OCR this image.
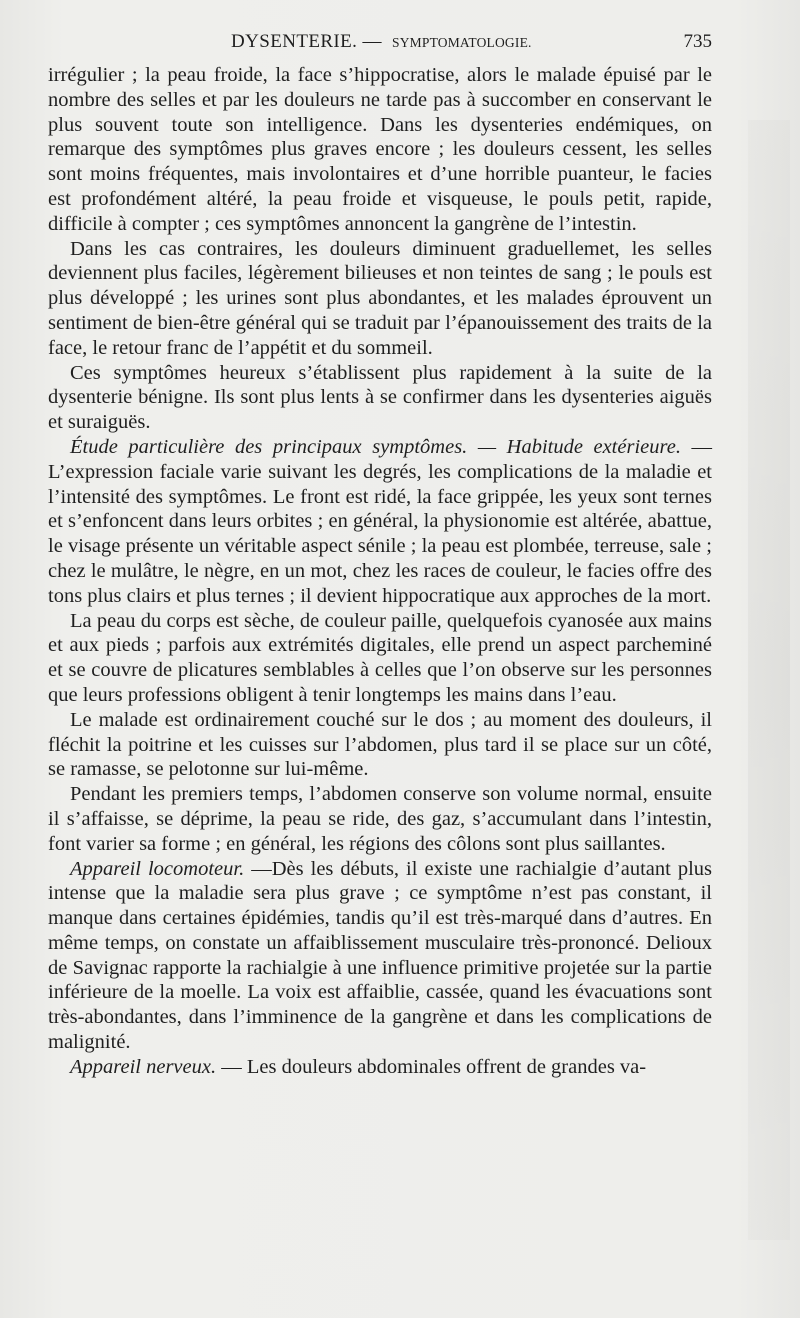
DYSENTERIE. — SYMPTOMATOLOGIE.	735

irrégulier ; la peau froide, la face s’hippocratise, alors le malade épuisé par le nombre des selles et par les douleurs ne tarde pas à succomber en conservant le plus souvent toute son intelligence. Dans les dysenteries endémiques, on remarque des symptômes plus graves encore ; les douleurs cessent, les selles sont moins fréquentes, mais involontaires et d’une horrible puanteur, le facies est profondément altéré, la peau froide et visqueuse, le pouls petit, rapide, difficile à compter ; ces symptômes annoncent la gangrène de l’intestin.

Dans les cas contraires, les douleurs diminuent graduellemet, les selles deviennent plus faciles, légèrement bilieuses et non teintes de sang ; le pouls est plus développé ; les urines sont plus abondantes, et les malades éprouvent un sentiment de bien-être général qui se traduit par l’épanouissement des traits de la face, le retour franc de l’appétit et du sommeil.

Ces symptômes heureux s’établissent plus rapidement à la suite de la dysenterie bénigne. Ils sont plus lents à se confirmer dans les dysenteries aiguës et suraiguës.

Étude particulière des principaux symptômes. — Habitude extérieure. — L’expression faciale varie suivant les degrés, les complications de la maladie et l’intensité des symptômes. Le front est ridé, la face grippée, les yeux sont ternes et s’enfoncent dans leurs orbites ; en général, la physionomie est altérée, abattue, le visage présente un véritable aspect sénile ; la peau est plombée, terreuse, sale ; chez le mulâtre, le nègre, en un mot, chez les races de couleur, le facies offre des tons plus clairs et plus ternes ; il devient hippocratique aux approches de la mort.

La peau du corps est sèche, de couleur paille, quelquefois cyanosée aux mains et aux pieds ; parfois aux extrémités digitales, elle prend un aspect parcheminé et se couvre de plicatures semblables à celles que l’on observe sur les personnes que leurs professions obligent à tenir longtemps les mains dans l’eau.

Le malade est ordinairement couché sur le dos ; au moment des douleurs, il fléchit la poitrine et les cuisses sur l’abdomen, plus tard il se place sur un côté, se ramasse, se pelotonne sur lui-même.

Pendant les premiers temps, l’abdomen conserve son volume normal, ensuite il s’affaisse, se déprime, la peau se ride, des gaz, s’accumulant dans l’intestin, font varier sa forme ; en général, les régions des côlons sont plus saillantes.

Appareil locomoteur. —Dès les débuts, il existe une rachialgie d’autant plus intense que la maladie sera plus grave ; ce symptôme n’est pas constant, il manque dans certaines épidémies, tandis qu’il est très-marqué dans d’autres. En même temps, on constate un affaiblissement musculaire très-prononcé. Delioux de Savignac rapporte la rachialgie à une influence primitive projetée sur la partie inférieure de la moelle. La voix est affaiblie, cassée, quand les évacuations sont très-abondantes, dans l’imminence de la gangrène et dans les complications de malignité.

Appareil nerveux. — Les douleurs abdominales offrent de grandes va-
